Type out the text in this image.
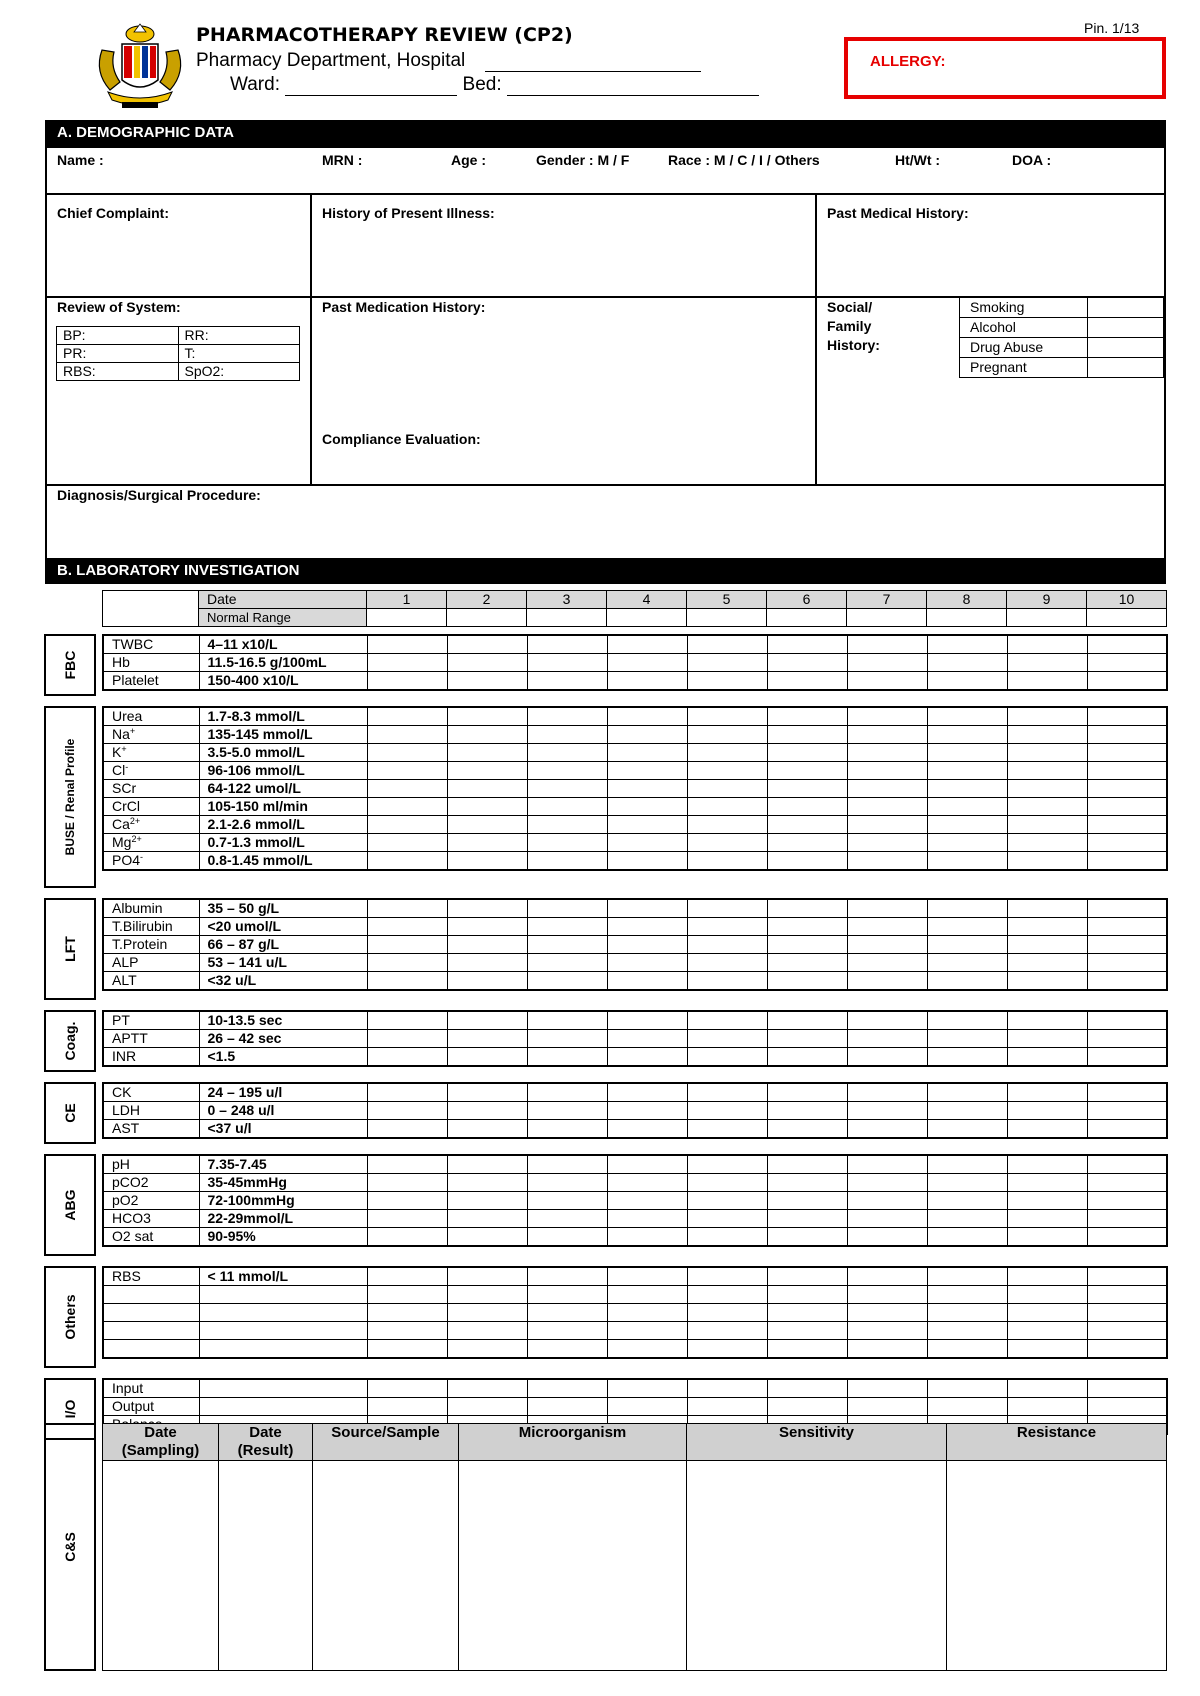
PHARMACOTHERAPY REVIEW (CP2)
Pharmacy Department, Hospital
Ward:	Bed:
Pin. 1/13
ALLERGY:
A. DEMOGRAPHIC DATA
Name :	MRN :	Age :	Gender : M / F	Race : M / C / I / Others	Ht/Wt :	DOA :
Chief Complaint:	History of Present Illness:	Past Medical History:
Review of System:
BP:	RR:
PR:	T:
RBS:	SpO2:
Past Medication History:
Compliance Evaluation:
Social/
Family
History:
Smoking	
Alcohol	
Drug Abuse	
Pregnant	
Diagnosis/Surgical Procedure:
B. LABORATORY INVESTIGATION
	Date	1	2	3	4	5	6	7	8	9	10
	Normal Range										
FBC
TWBC	4–11 x10/L										
Hb	11.5-16.5 g/100mL										
Platelet	150-400 x10/L										
BUSE / Renal Profile
Urea	1.7-8.3 mmol/L										
Na+	135-145 mmol/L										
K+	3.5-5.0 mmol/L										
Cl-	96-106 mmol/L										
SCr	64-122 umol/L										
CrCl	105-150 ml/min										
$Ca^{2+}$	2.1-2.6 mmol/L										
$Mg^{2+}$	0.7-1.3 mmol/L										
PO4-	0.8-1.45 mmol/L										
LFT
Albumin	35 – 50 g/L										
T.Bilirubin	<20 umol/L										
T.Protein	66 – 87 g/L										
ALP	53 – 141 u/L										
ALT	<32 u/L										
Coag.
PT	10-13.5 sec										
APTT	26 – 42 sec										
INR	<1.5										
CE
CK	24 – 195 u/l										
LDH	0 – 248 u/l										
AST	<37 u/l										
ABG
pH	7.35-7.45										
pCO2	35-45mmHg										
pO2	72-100mmHg										
HCO3	22-29mmol/L										
O2 sat	90-95%										
Others
RBS	< 11 mmol/L										

I/O
Input											
Output											

C&S
Date (Sampling)	Date (Result)	Source/Sample	Microorganism	Sensitivity	Resistance
